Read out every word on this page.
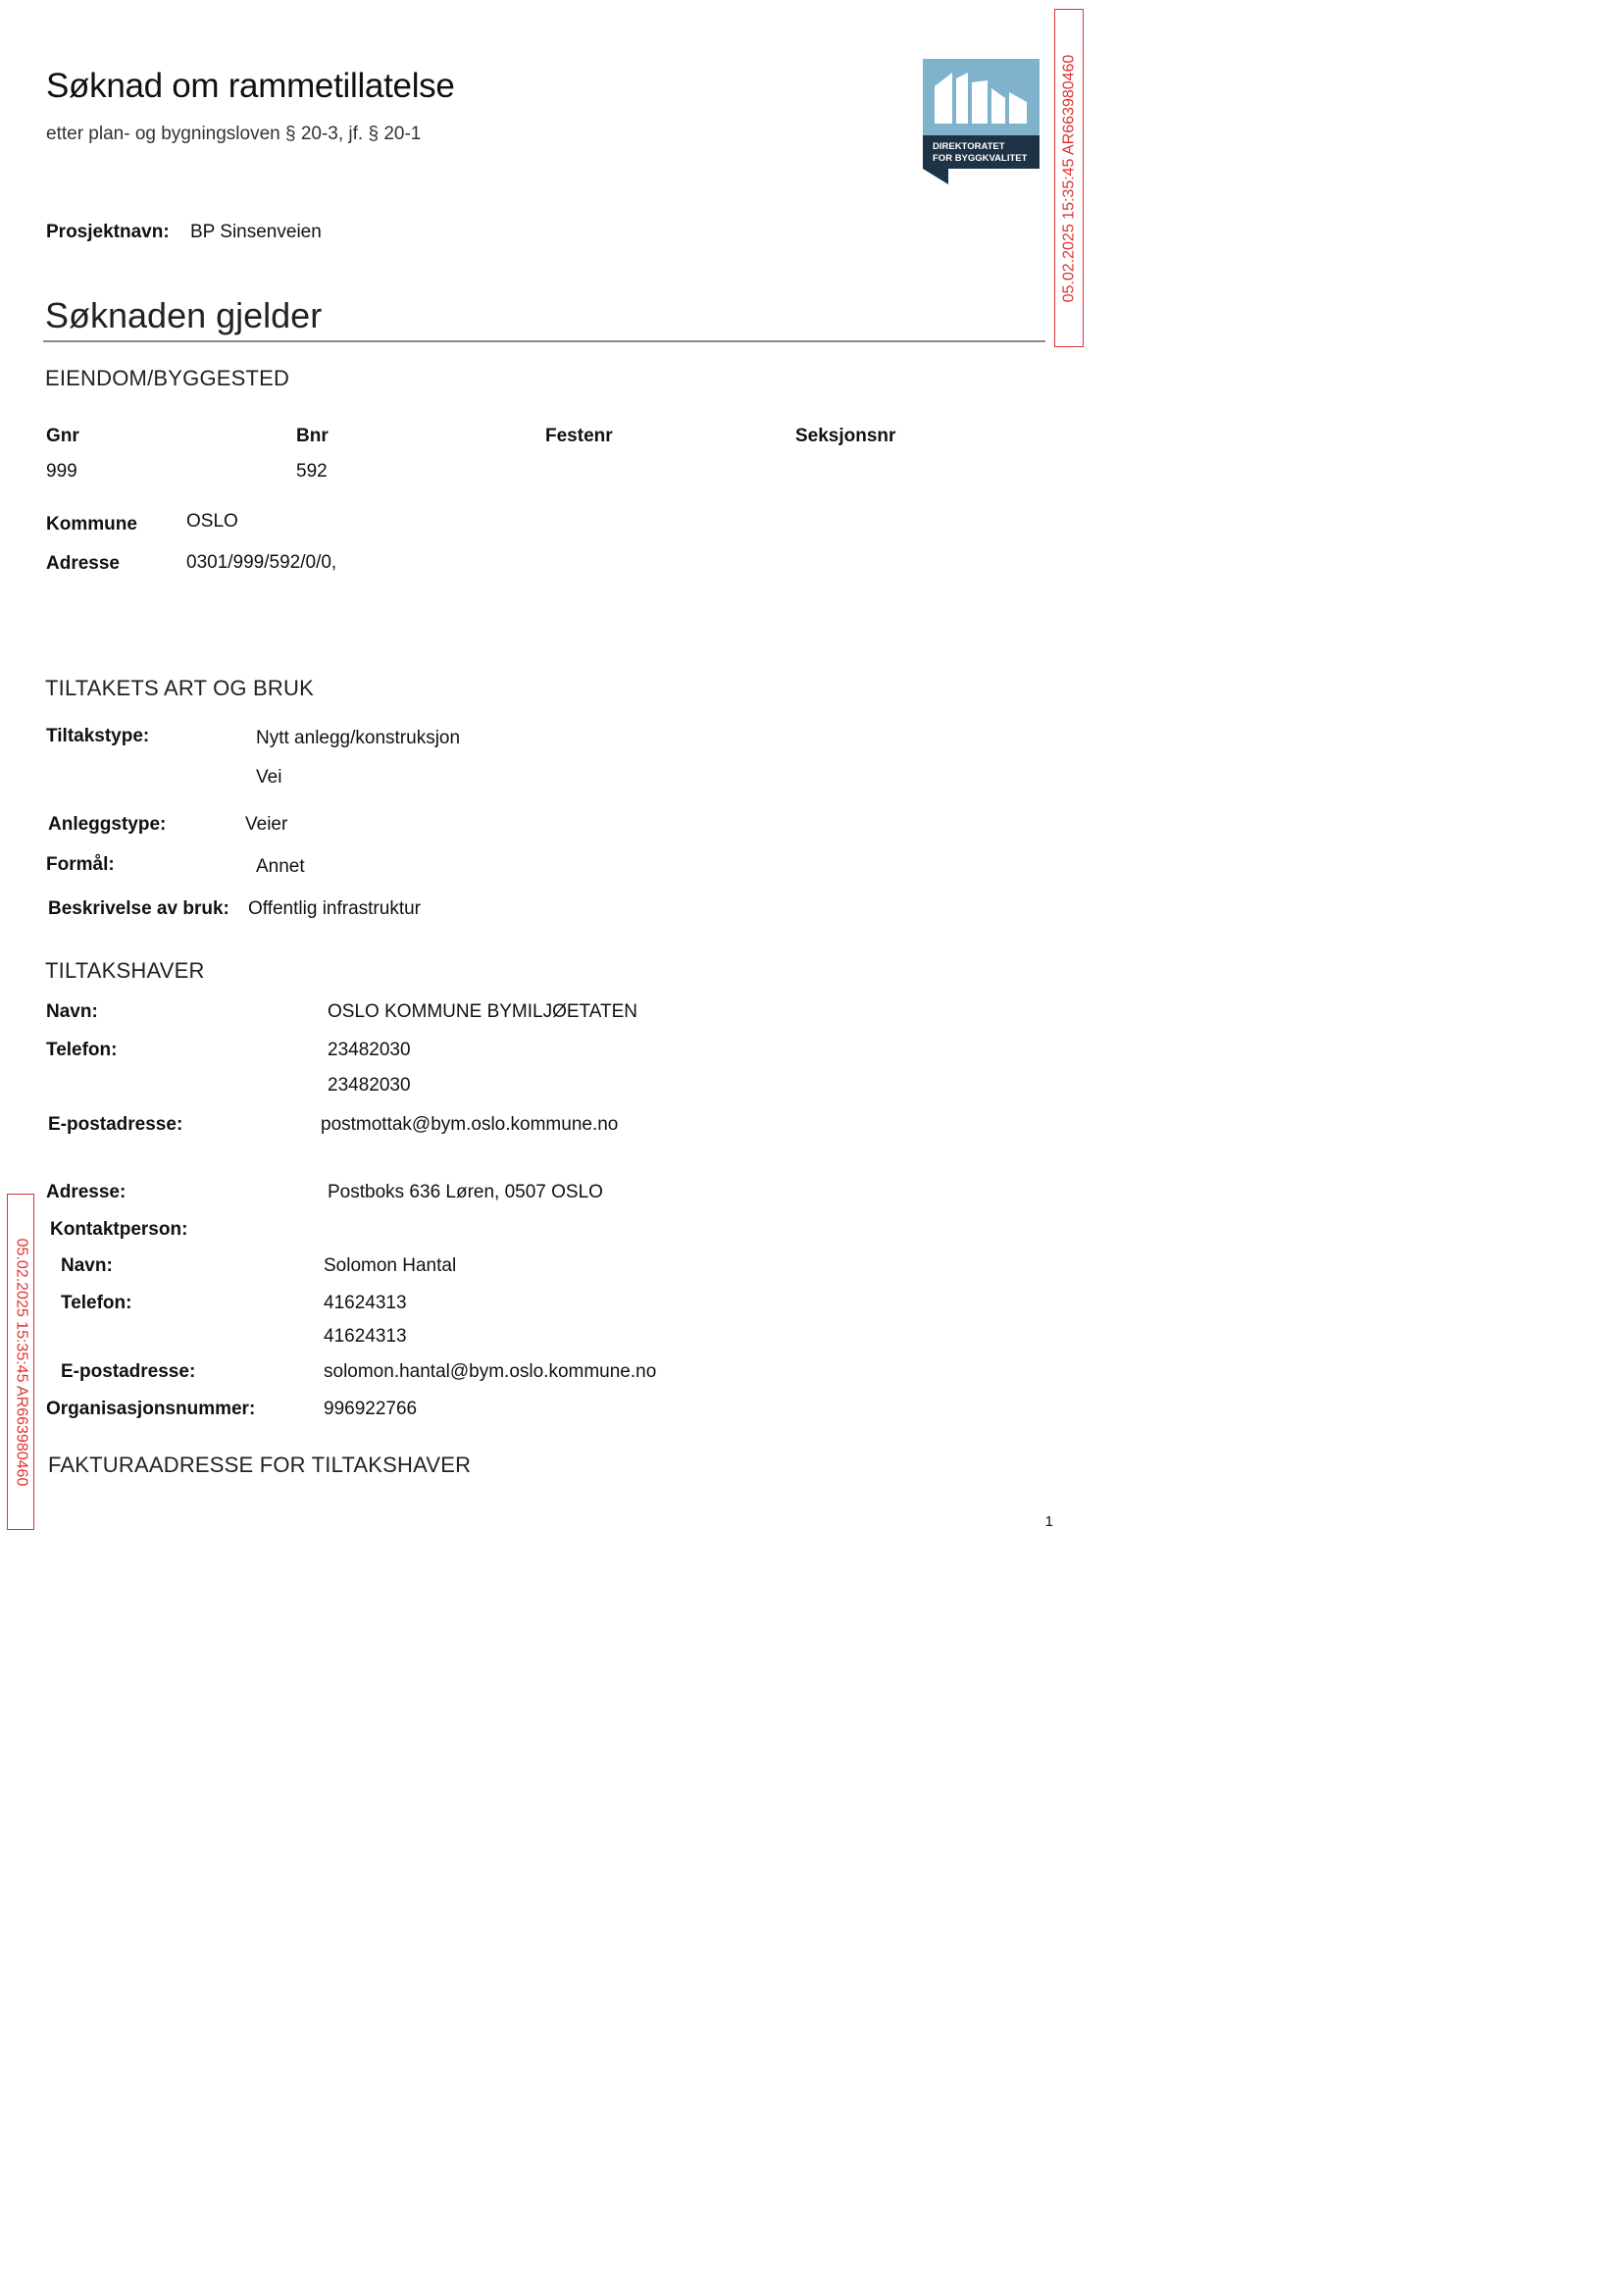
Søknad om rammetillatelse
etter plan- og bygningsloven § 20-3, jf. § 20-1
DIREKTORATET
FOR BYGGKVALITET 05.02.2025 15:35:45 AR663980460
05.02.2025 15:35:45 AR663980460
Prosjektnavn: BP Sinsenveien
Søknaden gjelder
EIENDOM/BYGGESTED
Gnr	Bnr	Festenr	Seksjonsnr
999	592
Kommune	OSLO
Adresse	0301/999/592/0/0,
TILTAKETS ART OG BRUK
Tiltakstype:	Nytt anlegg/konstruksjon
Vei
Anleggstype:	Veier
Formål:	Annet
Beskrivelse av bruk: Offentlig infrastruktur
TILTAKSHAVER
Navn:	OSLO KOMMUNE BYMILJØETATEN
Telefon:	23482030
23482030
E-postadresse:	postmottak@bym.oslo.kommune.no
Adresse:	Postboks 636 Løren, 0507 OSLO
Kontaktperson:
Navn:	Solomon Hantal
Telefon:	41624313
41624313
E-postadresse:	solomon.hantal@bym.oslo.kommune.no
Organisasjonsnummer:	996922766
FAKTURAADRESSE FOR TILTAKSHAVER
1
